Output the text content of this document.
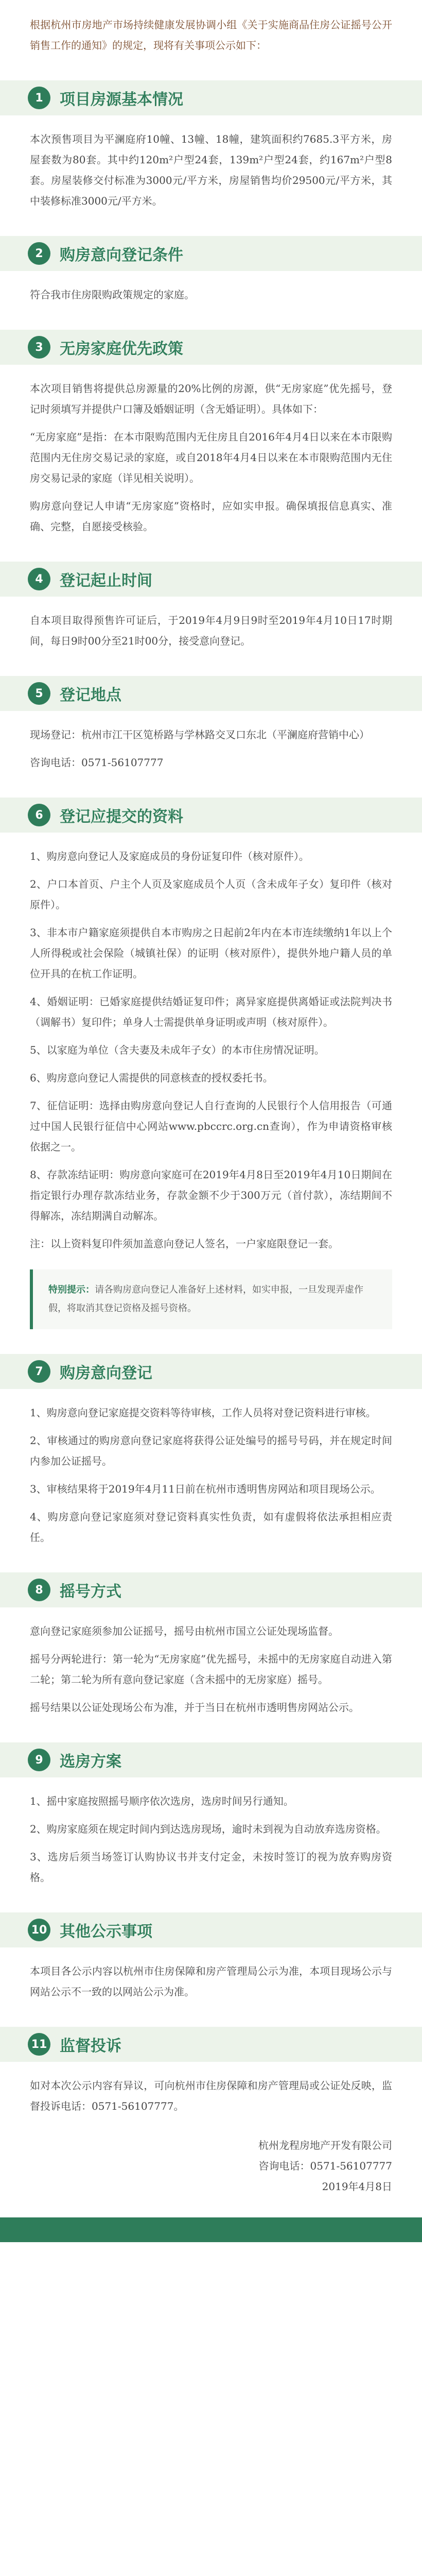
根据杭州市房地产市场持续健康发展协调小组《关于实施商品住房公证摇号公开销售工作的通知》的规定，现将有关事项公示如下：
1	项目房源基本情况

本次预售项目为平澜庭府10幢、13幢、18幢，建筑面积约7685.3平方米，房屋套数为80套。其中约120m²户型24套，139m²户型24套，约167m²户型8套。房屋装修交付标准为3000元/平方米，房屋销售均价29500元/平方米，其中装修标准3000元/平方米。

2	购房意向登记条件

符合我市住房限购政策规定的家庭。

3	无房家庭优先政策

本次项目销售将提供总房源量的20%比例的房源，供“无房家庭”优先摇号，登记时须填写并提供户口簿及婚姻证明（含无婚证明）。具体如下：

“无房家庭”是指：在本市限购范围内无住房且自2016年4月4日以来在本市限购范围内无住房交易记录的家庭，或自2018年4月4日以来在本市限购范围内无住房交易记录的家庭（详见相关说明）。

购房意向登记人申请“无房家庭”资格时，应如实申报。确保填报信息真实、准确、完整，自愿接受核验。

4	登记起止时间

自本项目取得预售许可证后，于2019年4月9日9时至2019年4月10日17时期间，每日9时00分至21时00分，接受意向登记。

5	登记地点

现场登记：杭州市江干区笕桥路与学林路交叉口东北（平澜庭府营销中心）

咨询电话：0571-56107777

6	登记应提交的资料

1、购房意向登记人及家庭成员的身份证复印件（核对原件）。

2、户口本首页、户主个人页及家庭成员个人页（含未成年子女）复印件（核对原件）。

3、非本市户籍家庭须提供自本市购房之日起前2年内在本市连续缴纳1年以上个人所得税或社会保险（城镇社保）的证明（核对原件），提供外地户籍人员的单位开具的在杭工作证明。

4、婚姻证明：已婚家庭提供结婚证复印件；离异家庭提供离婚证或法院判决书（调解书）复印件；单身人士需提供单身证明或声明（核对原件）。

5、以家庭为单位（含夫妻及未成年子女）的本市住房情况证明。

6、购房意向登记人需提供的同意核查的授权委托书。

7、征信证明：选择由购房意向登记人自行查询的人民银行个人信用报告（可通过中国人民银行征信中心网站www.pbccrc.org.cn查询），作为申请资格审核依据之一。

8、存款冻结证明：购房意向家庭可在2019年4月8日至2019年4月10日期间在指定银行办理存款冻结业务，存款金额不少于300万元（首付款），冻结期间不得解冻，冻结期满自动解冻。

注：以上资料复印件须加盖意向登记人签名，一户家庭限登记一套。

特别提示：请各购房意向登记人准备好上述材料，如实申报，一旦发现弄虚作假，将取消其登记资格及摇号资格。
7	购房意向登记

1、购房意向登记家庭提交资料等待审核，工作人员将对登记资料进行审核。

2、审核通过的购房意向登记家庭将获得公证处编号的摇号号码，并在规定时间内参加公证摇号。

3、审核结果将于2019年4月11日前在杭州市透明售房网站和项目现场公示。

4、购房意向登记家庭须对登记资料真实性负责，如有虚假将依法承担相应责任。

8	摇号方式

意向登记家庭须参加公证摇号，摇号由杭州市国立公证处现场监督。

摇号分两轮进行：第一轮为“无房家庭”优先摇号，未摇中的无房家庭自动进入第二轮；第二轮为所有意向登记家庭（含未摇中的无房家庭）摇号。

摇号结果以公证处现场公布为准，并于当日在杭州市透明售房网站公示。

9	选房方案

1、摇中家庭按照摇号顺序依次选房，选房时间另行通知。

2、购房家庭须在规定时间内到达选房现场，逾时未到视为自动放弃选房资格。

3、选房后须当场签订认购协议书并支付定金，未按时签订的视为放弃购房资格。

10 其他公示事项

本项目各公示内容以杭州市住房保障和房产管理局公示为准，本项目现场公示与网站公示不一致的以网站公示为准。

11 监督投诉

如对本次公示内容有异议，可向杭州市住房保障和房产管理局或公证处反映，监督投诉电话：0571-56107777。

杭州龙程房地产开发有限公司
咨询电话：0571-56107777
2019年4月8日
